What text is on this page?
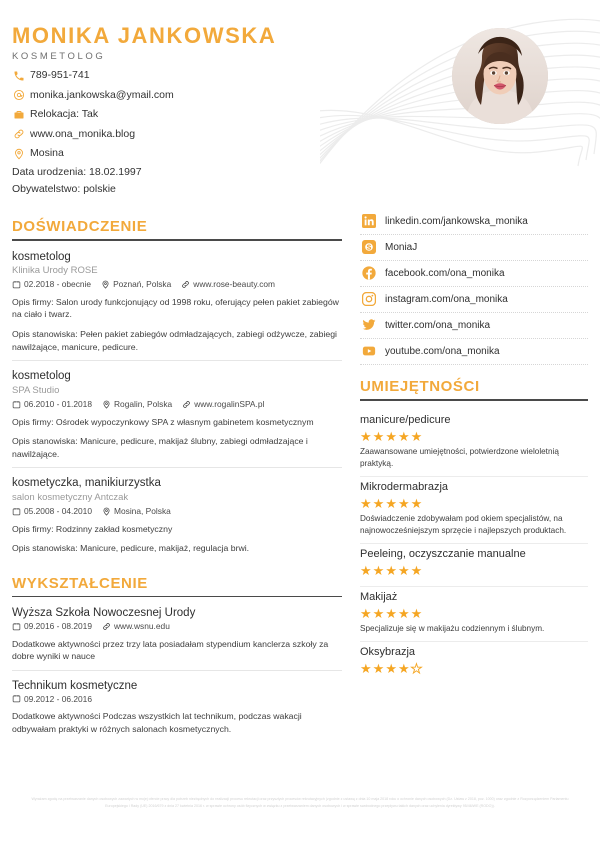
MONIKA JANKOWSKA
KOSMETOLOG
789-951-741
monika.jankowska@ymail.com
Relokacja: Tak
www.ona_monika.blog
Mosina
Data urodzenia: 18.02.1997
Obywatelstwo: polskie
DOŚWIADCZENIE
kosmetolog
Klinika Urody ROSE
02.2018 - obecnie	Poznań, Polska	www.rose-beauty.com

Opis firmy: Salon urody funkcjonujący od 1998 roku, oferujący pełen pakiet zabiegów na ciało i twarz.

Opis stanowiska: Pełen pakiet zabiegów odmładzających, zabiegi odżywcze, zabiegi nawilżające, manicure, pedicure.

kosmetolog
SPA Studio
06.2010 - 01.2018	Rogalin, Polska	www.rogalinSPA.pl

Opis firmy: Ośrodek wypoczynkowy SPA z własnym gabinetem kosmetycznym

Opis stanowiska: Manicure, pedicure, makijaż ślubny, zabiegi odmładzające i nawilżające.

kosmetyczka, manikiurzystka
salon kosmetyczny Antczak
05.2008 - 04.2010	Mosina, Polska

Opis firmy: Rodzinny zakład kosmetyczny

Opis stanowiska: Manicure, pedicure, makijaż, regulacja brwi.

WYKSZTAŁCENIE
Wyższa Szkoła Nowoczesnej Urody
09.2016 - 08.2019	www.wsnu.edu

Dodatkowe aktywności przez trzy lata posiadałam stypendium kanclerza szkoły za dobre wyniki w nauce

Technikum kosmetyczne
09.2012 - 06.2016

Dodatkowe aktywności Podczas wszystkich lat technikum, podczas wakacji odbywałam praktyki w różnych salonach kosmetycznych.

linkedin.com/jankowska_monika
MoniaJ
facebook.com/ona_monika
instagram.com/ona_monika
twitter.com/ona_monika
youtube.com/ona_monika
UMIEJĘTNOŚCI
manicure/pedicure
★★★★★

Zaawansowane umiejętności, potwierdzone wieloletnią praktyką.

Mikrodermabrazja
★★★★★

Doświadczenie zdobywałam pod okiem specjalistów, na najnowocześniejszym sprzęcie i najlepszych produktach.

Peeleing, oczyszczanie manualne
★★★★★
Makijaż
★★★★★

Specjalizuje się w makijażu codziennym i ślubnym.

Oksybrazja
★★★★★
Wyrażam zgodę na przetwarzanie danych osobowych zawartych w mojej ofercie pracy dla potrzeb niezbędnych do realizacji procesu rekrutacji oraz przyszłych procesów rekrutacyjnych (zgodnie z ustawą z dnia 10 maja 2018 roku o ochronie danych osobowych (Dz. Ustaw z 2018, poz. 1000) oraz zgodnie z Rozporządzeniem Parlamentu Europejskiego i Rady (UE) 2016/679 z dnia 27 kwietnia 2016 r. w sprawie ochrony osób fizycznych w związku z przetwarzaniem danych osobowych i w sprawie swobodnego przepływu takich danych oraz uchylenia dyrektywy 95/46/WE (RODO)).
